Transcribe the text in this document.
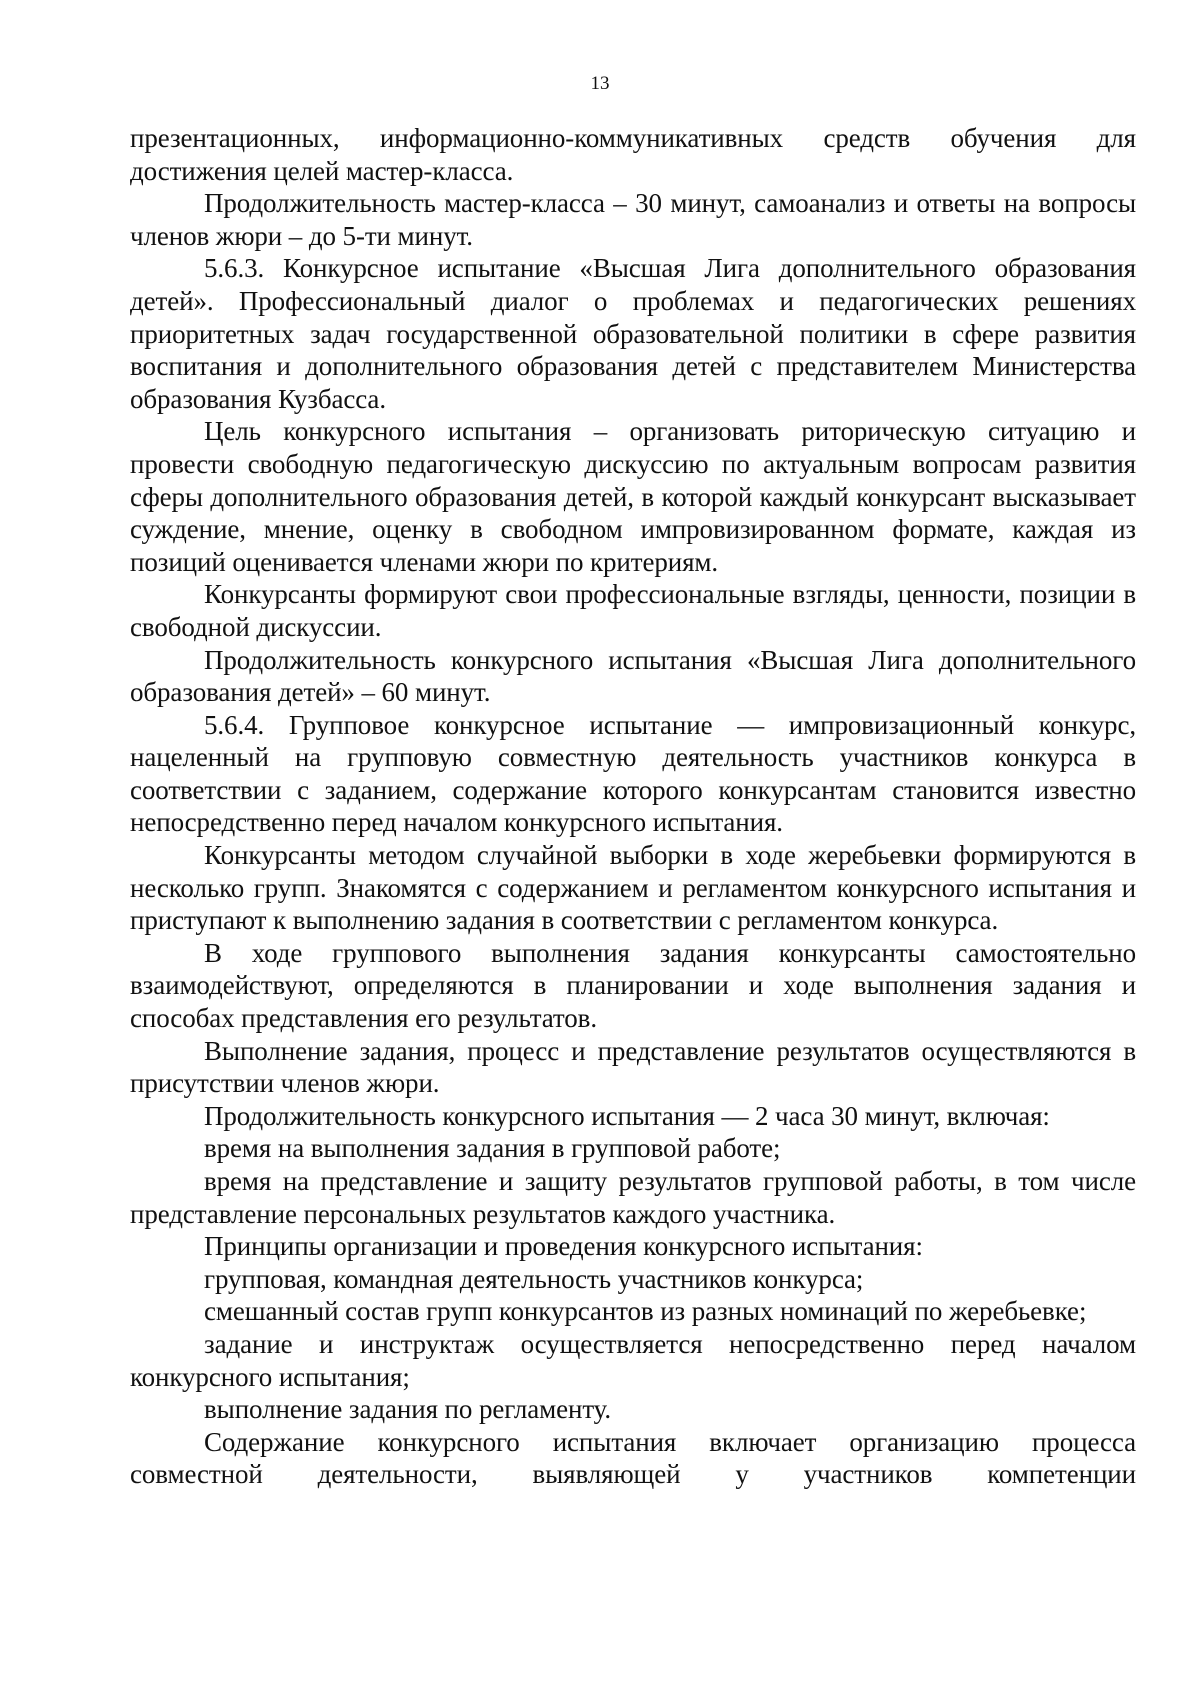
13

презентационных, информационно-коммуникативных средств обучения для достижения целей мастер-класса.

Продолжительность мастер-класса – 30 минут, самоанализ и ответы на вопросы членов жюри – до 5-ти минут.

5.6.3. Конкурсное испытание «Высшая Лига дополнительного образования детей». Профессиональный диалог о проблемах и педагогических решениях приоритетных задач государственной образовательной политики в сфере развития воспитания и дополнительного образования детей с представителем Министерства образования Кузбасса.

Цель конкурсного испытания – организовать риторическую ситуацию и провести свободную педагогическую дискуссию по актуальным вопросам развития сферы дополнительного образования детей, в которой каждый конкурсант высказывает суждение, мнение, оценку в свободном импровизированном формате, каждая из позиций оценивается членами жюри по критериям.

Конкурсанты формируют свои профессиональные взгляды, ценности, позиции в свободной дискуссии.

Продолжительность конкурсного испытания «Высшая Лига дополнительного образования детей» – 60 минут.

5.6.4. Групповое конкурсное испытание — импровизационный конкурс, нацеленный на групповую совместную деятельность участников конкурса в соответствии с заданием, содержание которого конкурсантам становится известно непосредственно перед началом конкурсного испытания.

Конкурсанты методом случайной выборки в ходе жеребьевки формируются в несколько групп. Знакомятся с содержанием и регламентом конкурсного испытания и приступают к выполнению задания в соответствии с регламентом конкурса.

В ходе группового выполнения задания конкурсанты самостоятельно взаимодействуют, определяются в планировании и ходе выполнения задания и способах представления его результатов.

Выполнение задания, процесс и представление результатов осуществляются в присутствии членов жюри.

Продолжительность конкурсного испытания — 2 часа 30 минут, включая:

время на выполнения задания в групповой работе;

время на представление и защиту результатов групповой работы, в том числе представление персональных результатов каждого участника.

Принципы организации и проведения конкурсного испытания:

групповая, командная деятельность участников конкурса;

смешанный состав групп конкурсантов из разных номинаций по жеребьевке;

задание и инструктаж осуществляется непосредственно перед началом конкурсного испытания;

выполнение задания по регламенту.

Содержание конкурсного испытания включает организацию процесса совместной деятельности, выявляющей у участников компетенции
